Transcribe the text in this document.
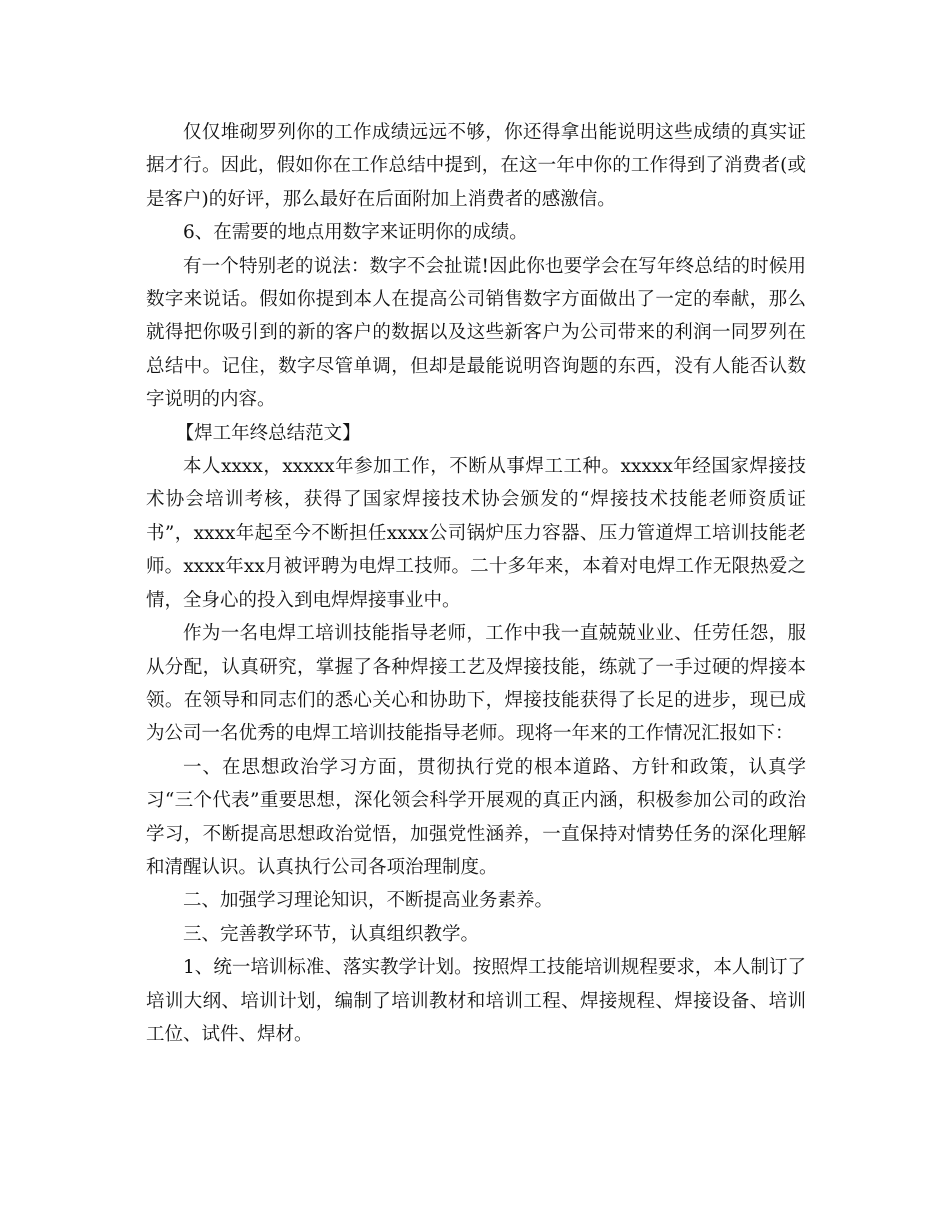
仅仅堆砌罗列你的工作成绩远远不够，你还得拿出能说明这些成绩的真实证据才行。因此，假如你在工作总结中提到，在这一年中你的工作得到了消费者(或是客户)的好评，那么最好在后面附加上消费者的感激信。

6、在需要的地点用数字来证明你的成绩。

有一个特别老的说法：数字不会扯谎!因此你也要学会在写年终总结的时候用数字来说话。假如你提到本人在提高公司销售数字方面做出了一定的奉献，那么就得把你吸引到的新的客户的数据以及这些新客户为公司带来的利润一同罗列在总结中。记住，数字尽管单调，但却是最能说明咨询题的东西，没有人能否认数字说明的内容。

【焊工年终总结范文】

本人xxxx，xxxxx年参加工作，不断从事焊工工种。xxxxx年经国家焊接技术协会培训考核，获得了国家焊接技术协会颁发的“焊接技术技能老师资质证书”，xxxx年起至今不断担任xxxx公司锅炉压力容器、压力管道焊工培训技能老师。xxxx年xx月被评聘为电焊工技师。二十多年来，本着对电焊工作无限热爱之情，全身心的投入到电焊焊接事业中。

作为一名电焊工培训技能指导老师，工作中我一直兢兢业业、任劳任怨，服从分配，认真研究，掌握了各种焊接工艺及焊接技能，练就了一手过硬的焊接本领。在领导和同志们的悉心关心和协助下，焊接技能获得了长足的进步，现已成为公司一名优秀的电焊工培训技能指导老师。现将一年来的工作情况汇报如下：

一、在思想政治学习方面，贯彻执行党的根本道路、方针和政策，认真学习“三个代表”重要思想，深化领会科学开展观的真正内涵，积极参加公司的政治学习，不断提高思想政治觉悟，加强党性涵养，一直保持对情势任务的深化理解和清醒认识。认真执行公司各项治理制度。

二、加强学习理论知识，不断提高业务素养。

三、完善教学环节，认真组织教学。

1、统一培训标准、落实教学计划。按照焊工技能培训规程要求，本人制订了培训大纲、培训计划，编制了培训教材和培训工程、焊接规程、焊接设备、培训工位、试件、焊材。
